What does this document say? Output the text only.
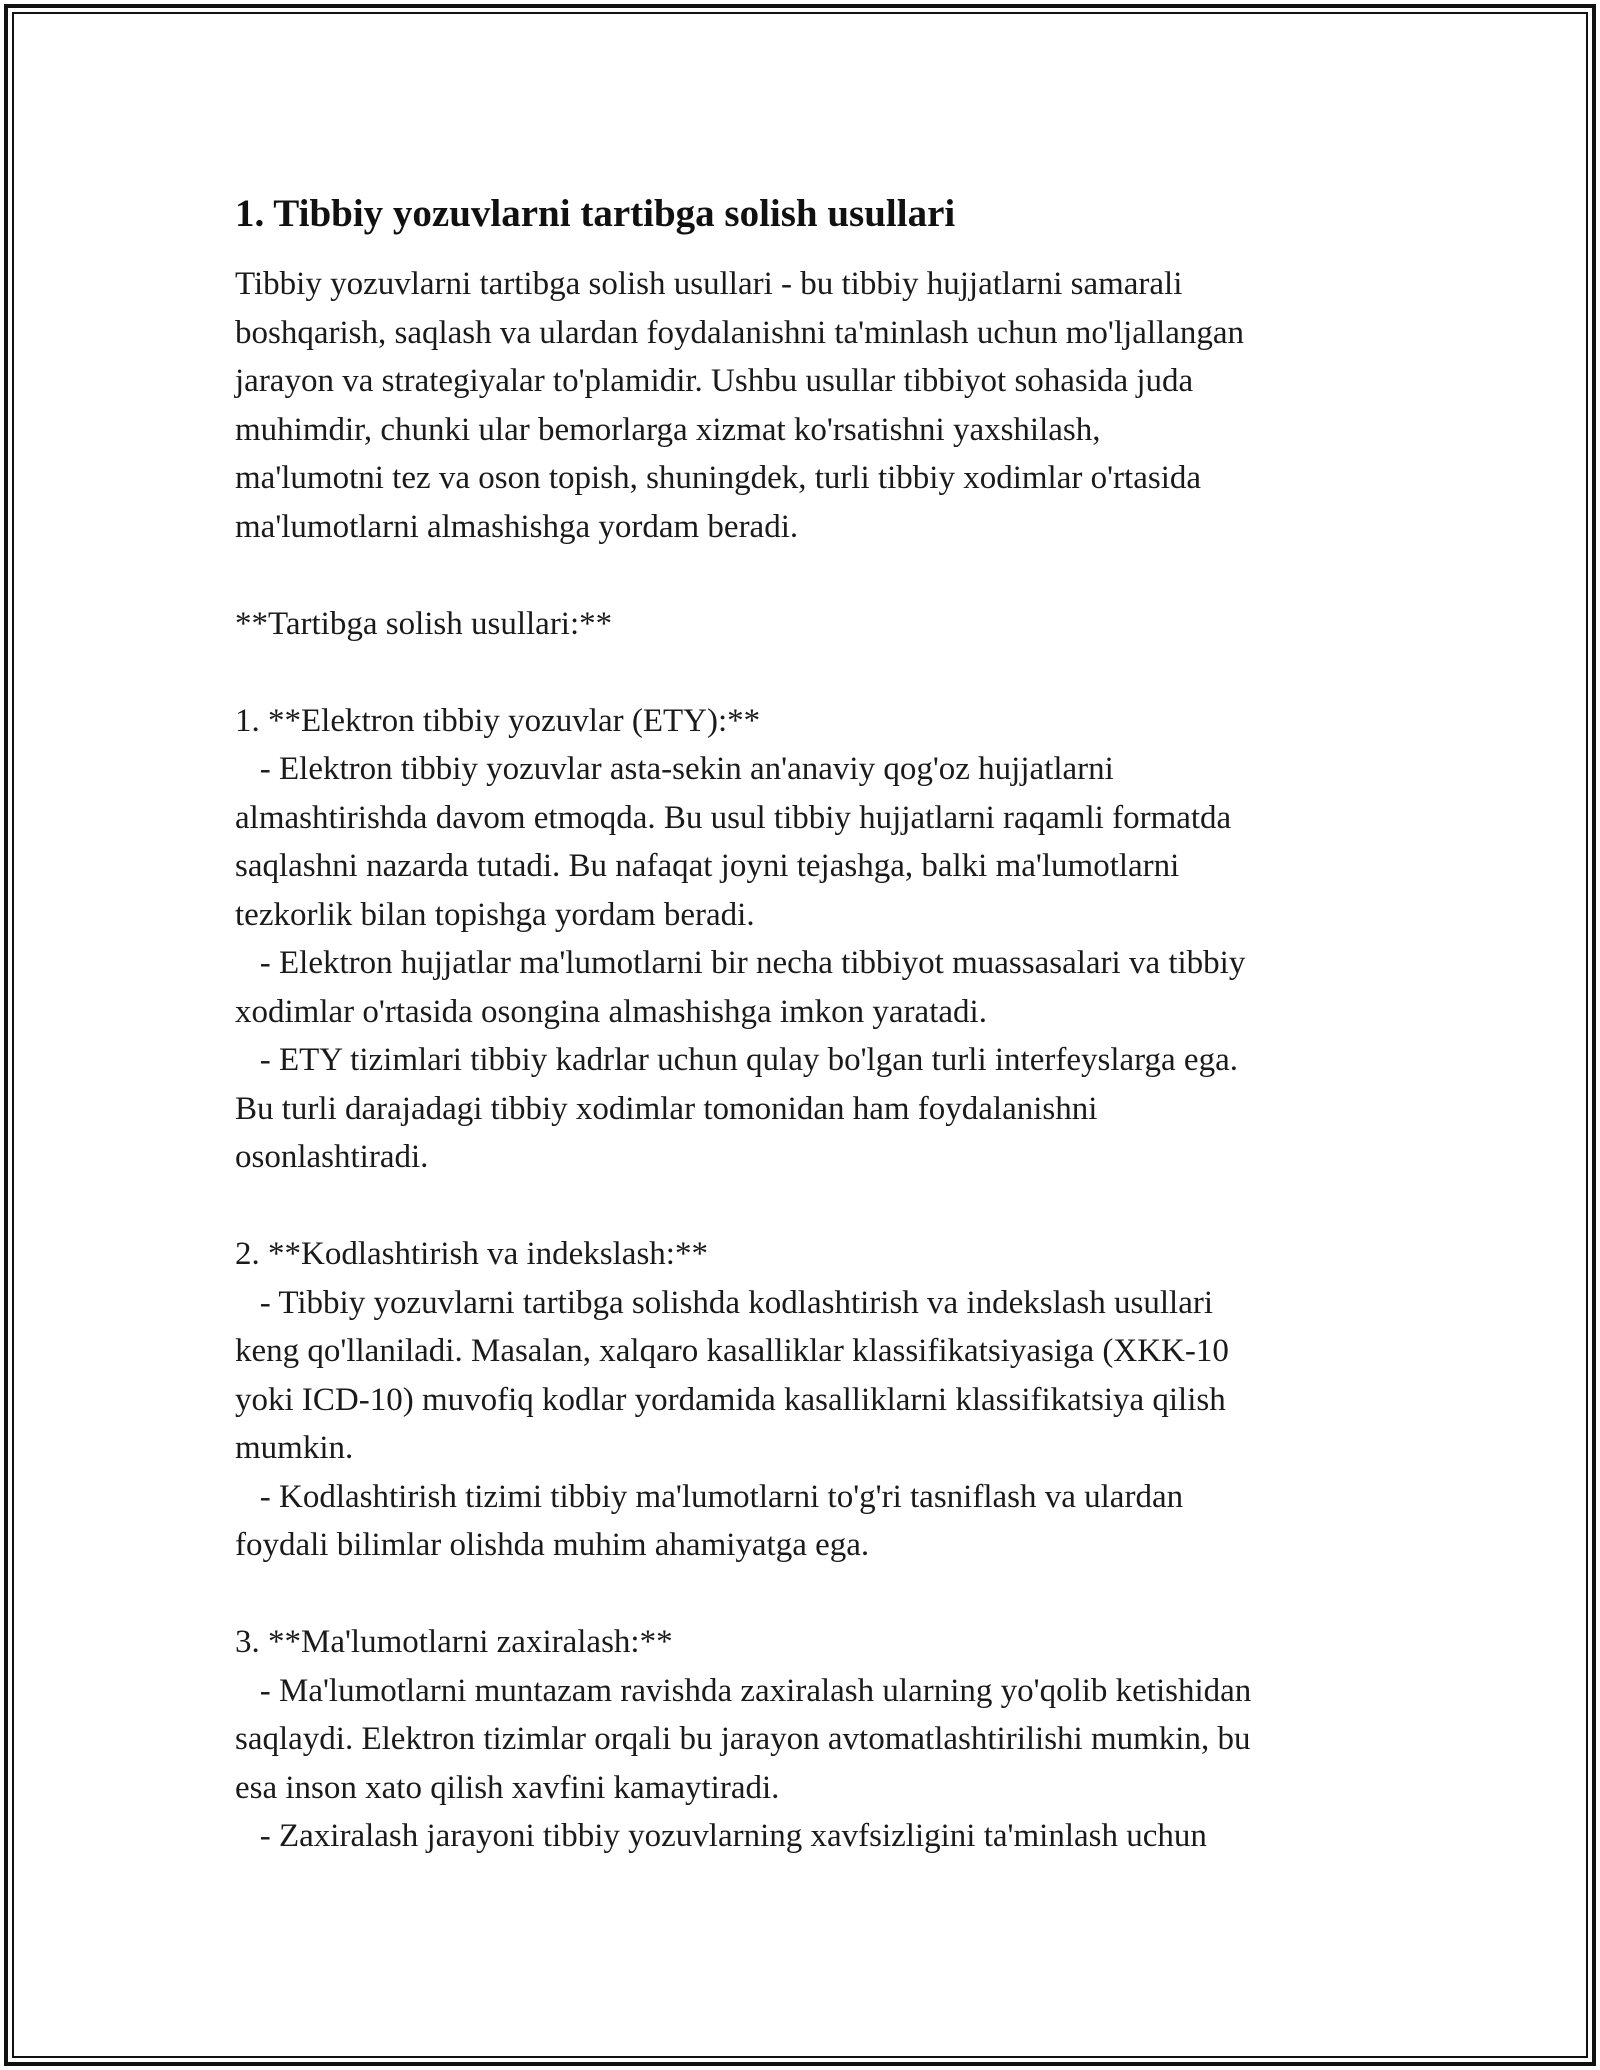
1. Tibbiy yozuvlarni tartibga solish usullari
Tibbiy yozuvlarni tartibga solish usullari - bu tibbiy hujjatlarni samarali
boshqarish, saqlash va ulardan foydalanishni ta'minlash uchun mo'ljallangan
jarayon va strategiyalar to'plamidir. Ushbu usullar tibbiyot sohasida juda
muhimdir, chunki ular bemorlarga xizmat ko'rsatishni yaxshilash,
ma'lumotni tez va oson topish, shuningdek, turli tibbiy xodimlar o'rtasida
ma'lumotlarni almashishga yordam beradi.
**Tartibga solish usullari:**
1. **Elektron tibbiy yozuvlar (ETY):**
- Elektron tibbiy yozuvlar asta-sekin an'anaviy qog'oz hujjatlarni
almashtirishda davom etmoqda. Bu usul tibbiy hujjatlarni raqamli formatda
saqlashni nazarda tutadi. Bu nafaqat joyni tejashga, balki ma'lumotlarni
tezkorlik bilan topishga yordam beradi.
- Elektron hujjatlar ma'lumotlarni bir necha tibbiyot muassasalari va tibbiy
xodimlar o'rtasida osongina almashishga imkon yaratadi.
- ETY tizimlari tibbiy kadrlar uchun qulay bo'lgan turli interfeyslarga ega.
Bu turli darajadagi tibbiy xodimlar tomonidan ham foydalanishni
osonlashtiradi.
2. **Kodlashtirish va indekslash:**
- Tibbiy yozuvlarni tartibga solishda kodlashtirish va indekslash usullari
keng qo'llaniladi. Masalan, xalqaro kasalliklar klassifikatsiyasiga (XKK-10
yoki ICD-10) muvofiq kodlar yordamida kasalliklarni klassifikatsiya qilish
mumkin.
- Kodlashtirish tizimi tibbiy ma'lumotlarni to'g'ri tasniflash va ulardan
foydali bilimlar olishda muhim ahamiyatga ega.
3. **Ma'lumotlarni zaxiralash:**
- Ma'lumotlarni muntazam ravishda zaxiralash ularning yo'qolib ketishidan
saqlaydi. Elektron tizimlar orqali bu jarayon avtomatlashtirilishi mumkin, bu
esa inson xato qilish xavfini kamaytiradi.
- Zaxiralash jarayoni tibbiy yozuvlarning xavfsizligini ta'minlash uchun
